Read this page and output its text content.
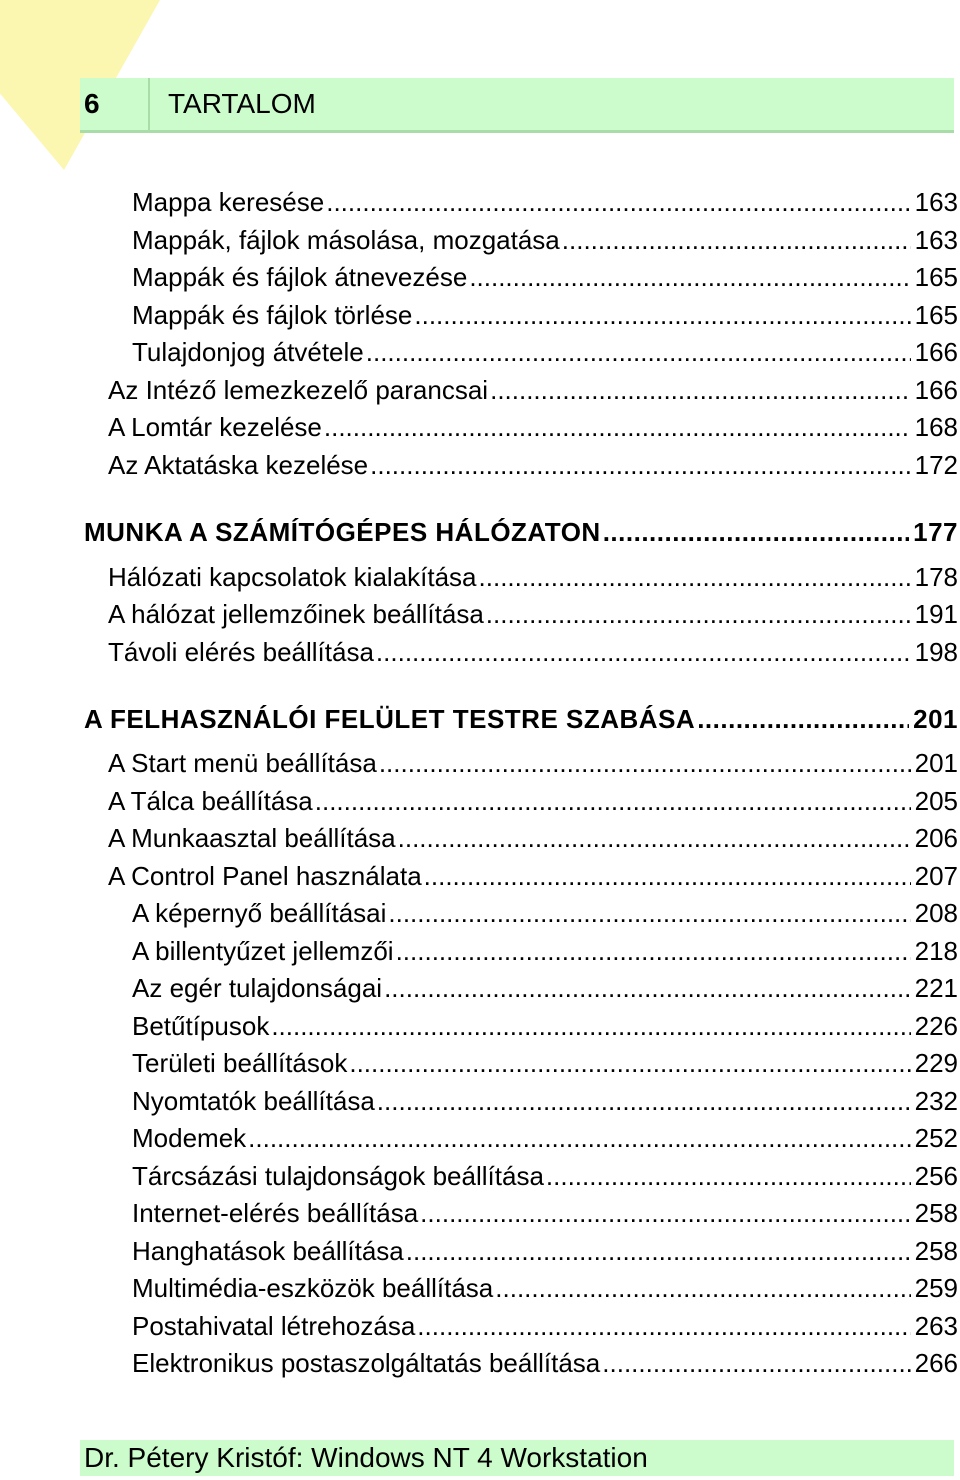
6	TARTALOM
Mappa keresése .....	163
Mappák, fájlok másolása, mozgatása .....	163
Mappák és fájlok átnevezése .....	165
Mappák és fájlok törlése .....	165
Tulajdonjog átvétele .....	166
Az Intéző lemezkezelő parancsai .....	166
A Lomtár kezelése .....	168
Az Aktatáska kezelése .....	172
MUNKA A SZÁMÍTÓGÉPES HÁLÓZATON .....	177
Hálózati kapcsolatok kialakítása .....	178
A hálózat jellemzőinek beállítása .....	191
Távoli elérés beállítása .....	198
A FELHASZNÁLÓI FELÜLET TESTRE SZABÁSA .....	201
A Start menü beállítása .....	201
A Tálca beállítása .....	205
A Munkaasztal beállítása .....	206
A Control Panel használata .....	207
A képernyő beállításai .....	208
A billentyűzet jellemzői .....	218
Az egér tulajdonságai .....	221
Betűtípusok .....	226
Területi beállítások .....	229
Nyomtatók beállítása .....	232
Modemek .....	252
Tárcsázási tulajdonságok beállítása .....	256
Internet-elérés beállítása .....	258
Hanghatások beállítása .....	258
Multimédia-eszközök beállítása .....	259
Postahivatal létrehozása .....	263
Elektronikus postaszolgáltatás beállítása .....	266
Dr. Pétery Kristóf: Windows NT 4 Workstation
